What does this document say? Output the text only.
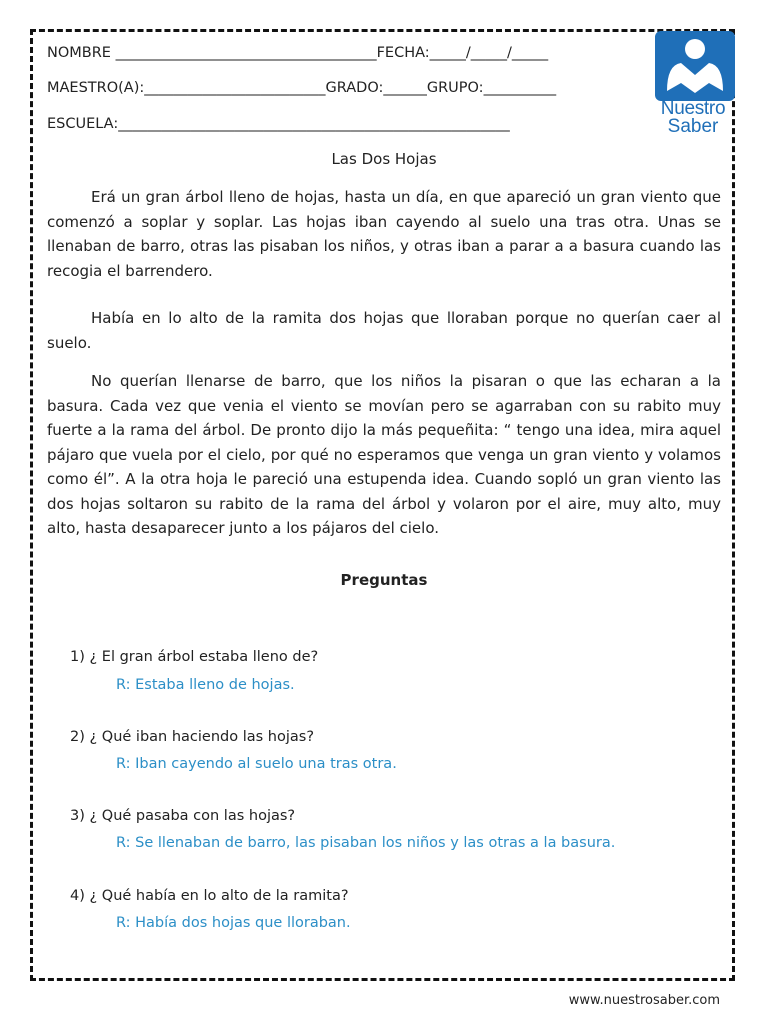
NOMBRE ____________________________________FECHA:_____/_____/_____
MAESTRO(A):_________________________GRADO:______GRUPO:__________
ESCUELA:______________________________________________________
Nuestro
Saber
Las Dos Hojas

Erá un gran árbol lleno de hojas, hasta un día, en que apareció un gran viento que comenzó a soplar y soplar. Las hojas iban cayendo al suelo una tras otra. Unas se llenaban de barro, otras las pisaban los niños, y otras iban a parar a a basura cuando las recogia el barrendero.

Había en lo alto de la ramita dos hojas que lloraban porque no querían caer al suelo.

No querían llenarse de barro, que los niños la pisaran o que las echaran a la basura. Cada vez que venia el viento se movían pero se agarraban con su rabito muy fuerte a la rama del árbol. De pronto dijo la más pequeñita: “ tengo una idea, mira aquel pájaro que vuela por el cielo, por qué no esperamos que venga un gran viento y volamos como él”. A la otra hoja le pareció una estupenda idea. Cuando sopló un gran viento las dos hojas soltaron su rabito de la rama del árbol y volaron por el aire, muy alto, muy alto, hasta desaparecer junto a los pájaros del cielo.

Preguntas
1) ¿ El gran árbol estaba lleno de?
R: Estaba lleno de hojas.
2) ¿ Qué iban haciendo las hojas?
R: Iban cayendo al suelo una tras otra.
3) ¿ Qué pasaba con las hojas?
R: Se llenaban de barro, las pisaban los niños y las otras a la basura.
4) ¿ Qué había en lo alto de la ramita?
R: Había dos hojas que lloraban.
www.nuestrosaber.com
